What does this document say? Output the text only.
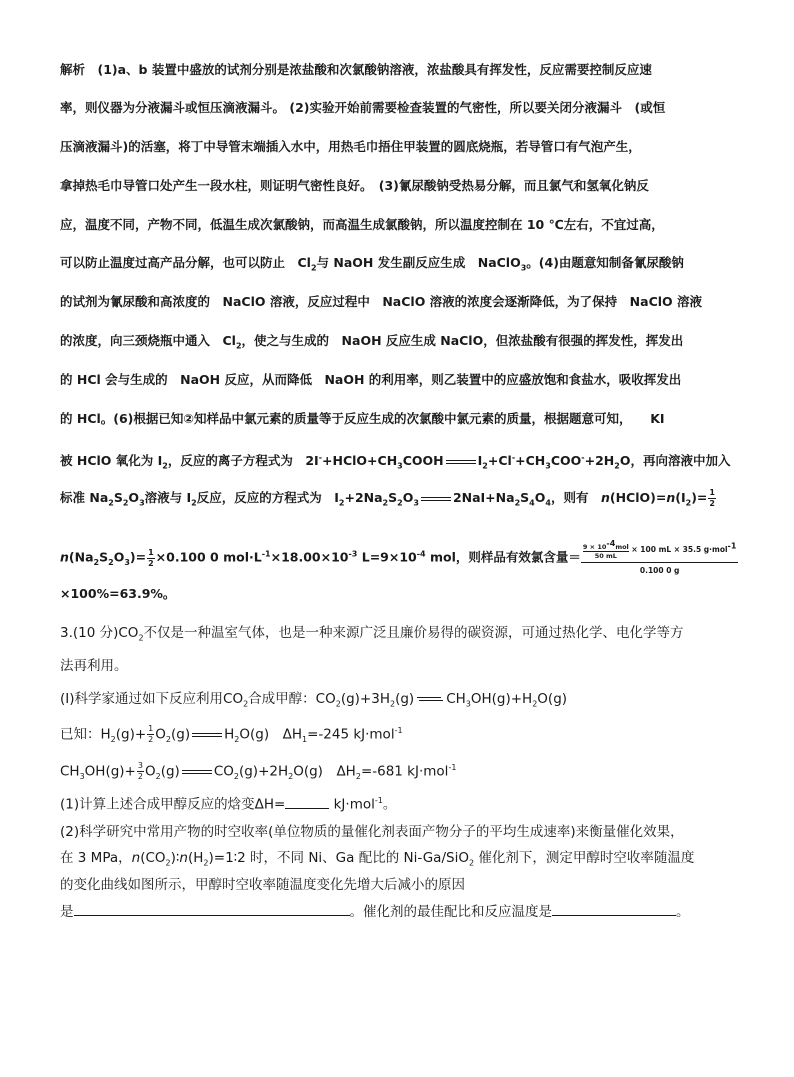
解析　(1)a、b 装置中盛放的试剂分别是浓盐酸和次氯酸钠溶液，浓盐酸具有挥发性，反应需要控制反应速
率，则仪器为分液漏斗或恒压滴液漏斗。 (2)实验开始前需要检查装置的气密性，所以要关闭分液漏斗　(或恒
压滴液漏斗)的活塞，将丁中导管末端插入水中，用热毛巾捂住甲装置的圆底烧瓶，若导管口有气泡产生，
拿掉热毛巾导管口处产生一段水柱，则证明气密性良好。　(3)氰尿酸钠受热易分解，而且氯气和氢氧化钠反
应，温度不同，产物不同，低温生成次氯酸钠，而高温生成氯酸钠，所以温度控制在 10 ℃左右，不宜过高，
可以防止温度过高产品分解，也可以防止　$Cl_2$与 NaOH 发生副反应生成　NaClO$_3$。(4)由题意知制备氰尿酸钠
的试剂为氰尿酸和高浓度的　NaClO 溶液，反应过程中　NaClO 溶液的浓度会逐渐降低，为了保持　NaClO 溶液
的浓度，向三颈烧瓶中通入　$Cl_2$，使之与生成的　NaOH 反应生成 NaClO，但浓盐酸有很强的挥发性，挥发出
的 HCl 会与生成的　NaOH 反应，从而降低　NaOH 的利用率，则乙装置中的应盛放饱和食盐水，吸收挥发出
的 HCl。(6)根据已知②知样品中氯元素的质量等于反应生成的次氯酸中氯元素的质量，根据题意可知，　　KI
被 HClO 氧化为 $I_2$，反应的离子方程式为　$2I^-+HClO+CH_3COOH$	$I_2+Cl^-+CH_3COO^-+2H_2O$，再向溶液中加入
标准 $Na_2S_2O_3$溶液与 $I_2$反应，反应的方程式为　$I_2+2Na_2S_2O_3$	$2NaI+Na_2S_4O_4$，则有　$n(HClO)=n(I_2)= \frac{1}{2}$
$n(Na_2S_2O_3)= \frac{1}{2} \times 0.100$ 0 $mol\cdot L^{-1}\times 18.00\times 10^{-3}$ $L=9\times 10^{-4}$ mol，则样品有效氯含量＝ $9 \times 10^{-4}mol$
50 mL × 100 mL × 35.5 g·mol$^{-1}$
0.100 0 g
×100%=63.9%。
3.(10 分)$CO_2$不仅是一种温室气体，也是一种来源广泛且廉价易得的碳资源，可通过热化学、电化学等方
法再利用。
(Ⅰ)科学家通过如下反应利用$CO_2$合成甲醇：$CO_2(g)+3H_2(g)$ $CH_3OH(g)+H_2O(g)$
已知：$H_2(g)+ \frac{1}{2} O_2(g)$	$H_2O(g)$　$\Delta H_1=-245$ kJ·mol$^{-1}$
$CH_3OH(g)+ \frac{3}{2} O_2(g)$	$CO_2(g)+2H_2O(g)$　$\Delta H_2=-681$ kJ·mol$^{-1}$
(1)计算上述合成甲醇反应的焓变ΔH=	kJ·mol$^{-1}$。
(2)科学研究中常用产物的时空收率(单位物质的量催化剂表面产物分子的平均生成速率)来衡量催化效果，
在 3 MPa，$n(CO_2)∶n(H_2)=1∶2$ 时，不同 Ni、Ga 配比的 Ni-Ga/SiO$_2$ 催化剂下，测定甲醇时空收率随温度
的变化曲线如图所示，甲醇时空收率随温度变化先增大后减小的原因
是	。催化剂的最佳配比和反应温度是	。
